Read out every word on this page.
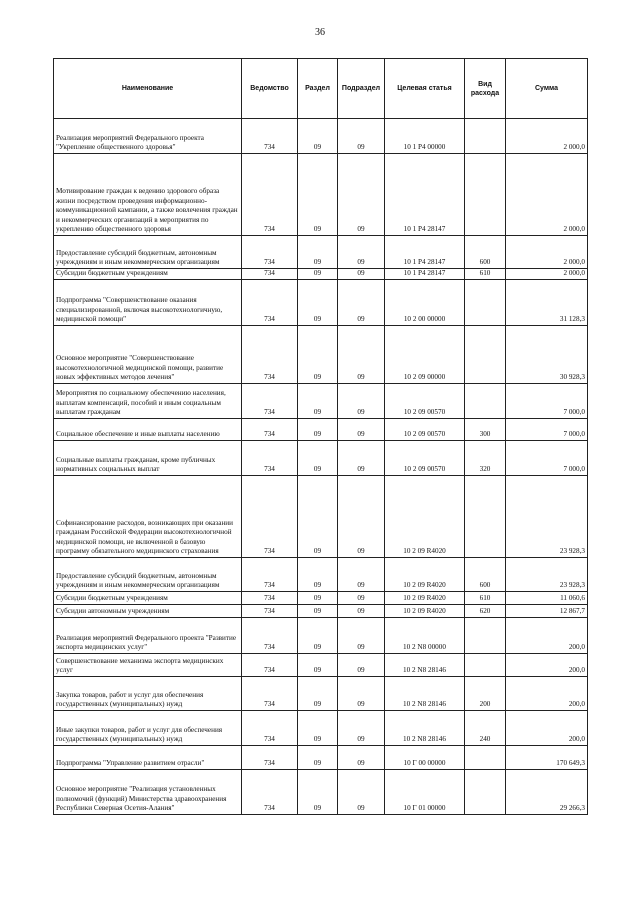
36
Наименование	Ведомство	Раздел	Подраздел	Целевая статья	Вид расхода	Сумма
Реализация мероприятий Федерального проекта "Укрепление общественного здоровья"	734	09	09	10 1 P4 00000		2 000,0
Мотивирование граждан к ведению здорового образа жизни посредством проведения информационно-коммуникационной кампании, а также вовлечения граждан и некоммерческих организаций в мероприятия по укреплению общественного здоровья	734	09	09	10 1 P4 28147		2 000,0
Предоставление субсидий бюджетным, автономным учреждениям и иным некоммерческим организациям	734	09	09	10 1 P4 28147	600	2 000,0
Субсидии бюджетным учреждениям	734	09	09	10 1 P4 28147	610	2 000,0
Подпрограмма "Совершенствование оказания специализированной, включая высокотехнологичную, медицинской помощи"	734	09	09	10 2 00 00000		31 128,3
Основное мероприятие "Совершенствование высокотехнологичной медицинской помощи, развитие новых эффективных методов лечения"	734	09	09	10 2 09 00000		30 928,3
Мероприятия по социальному обеспечению населения, выплатам компенсаций, пособий и иным социальным выплатам гражданам	734	09	09	10 2 09 00570		7 000,0
Социальное обеспечение и иные выплаты населению	734	09	09	10 2 09 00570	300	7 000,0
Социальные выплаты гражданам, кроме публичных нормативных социальных выплат	734	09	09	10 2 09 00570	320	7 000,0
Софинансирование расходов, возникающих при оказании гражданам Российской Федерации высокотехнологичной медицинской помощи, не включенной в базовую программу обязательного медицинского страхования	734	09	09	10 2 09 R4020		23 928,3
Предоставление субсидий бюджетным, автономным учреждениям и иным некоммерческим организациям	734	09	09	10 2 09 R4020	600	23 928,3
Субсидии бюджетным учреждениям	734	09	09	10 2 09 R4020	610	11 060,6
Субсидии автономным учреждениям	734	09	09	10 2 09 R4020	620	12 867,7
Реализация мероприятий Федерального проекта "Развитие экспорта медицинских услуг"	734	09	09	10 2 N8 00000		200,0
Совершенствование механизма экспорта медицинских услуг	734	09	09	10 2 N8 28146		200,0
Закупка товаров, работ и услуг для обеспечения государственных (муниципальных) нужд	734	09	09	10 2 N8 28146	200	200,0
Иные закупки товаров, работ и услуг для обеспечения государственных (муниципальных) нужд	734	09	09	10 2 N8 28146	240	200,0
Подпрограмма "Управление развитием отрасли"	734	09	09	10 Г 00 00000		170 649,3
Основное мероприятие "Реализация установленных полномочий (функций) Министерства здравоохранения Республики Северная Осетия-Алания"	734	09	09	10 Г 01 00000		29 266,3
